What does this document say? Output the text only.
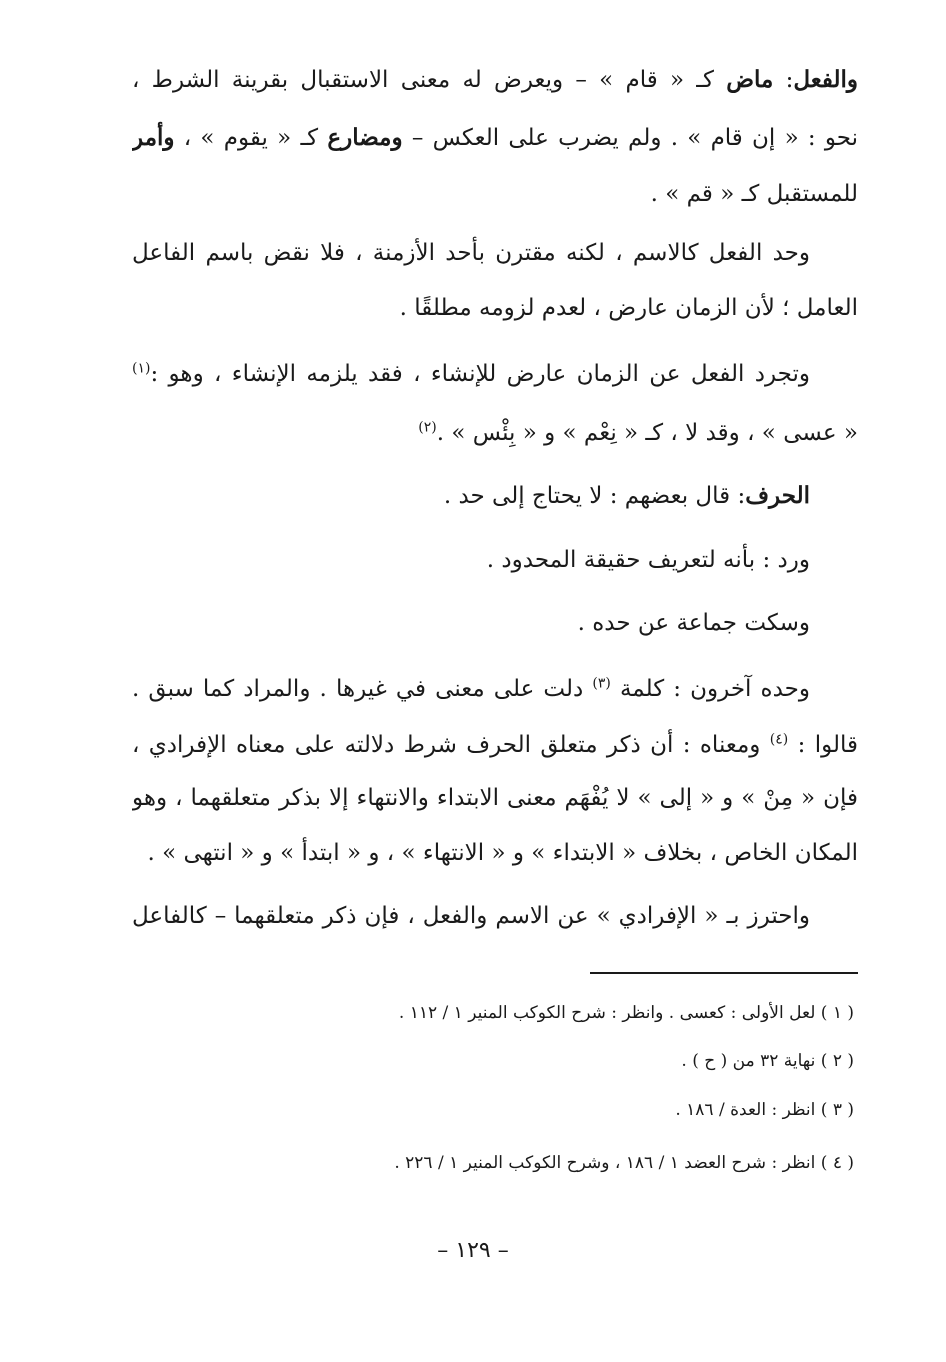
والفعل: ماض كـ « قام » – ويعرض له معنى الاستقبال بقرينة الشرط ،
نحو : « إن قام » . ولم يضرب على العكس – ومضارع كـ « يقوم » ، وأمر
للمستقبل كـ « قم » .
وحد الفعل كالاسم ، لكنه مقترن بأحد الأزمنة ، فلا نقض باسم الفاعل
العامل ؛ لأن الزمان عارض ، لعدم لزومه مطلقًا .
وتجرد الفعل عن الزمان عارض للإنشاء ، فقد يلزمه الإنشاء ، وهو :$^{(١)}$
« عسى » ، وقد لا ، كـ « نِعْم » و « بِئْس » .$^{(٢)}$
الحرف: قال بعضهم : لا يحتاج إلى حد .
ورد : بأنه لتعريف حقيقة المحدود .
وسكت جماعة عن حده .
وحده آخرون : كلمة $^{(٣)}$ دلت على معنى في غيرها . والمراد كما سبق .
قالوا : $^{(٤)}$ ومعناه : أن ذكر متعلق الحرف شرط دلالته على معناه الإفرادي ،
فإن « مِنْ » و « إلى » لا يُفْهَم معنى الابتداء والانتهاء إلا بذكر متعلقهما ، وهو
المكان الخاص ، بخلاف « الابتداء » و « الانتهاء » ، و « ابتدأ » و « انتهى » .
واحترز بـ « الإفرادي » عن الاسم والفعل ، فإن ذكر متعلقهما – كالفاعل
( ١ ) لعل الأولى : كعسى . وانظر : شرح الكوكب المنير ١ / ١١٢ .
( ٢ ) نهاية ٣٢ من ( ح ) .
( ٣ ) انظر : العدة / ١٨٦ .
( ٤ ) انظر : شرح العضد ١ / ١٨٦ ، وشرح الكوكب المنير ١ / ٢٢٦ .
– ١٢٩ –
